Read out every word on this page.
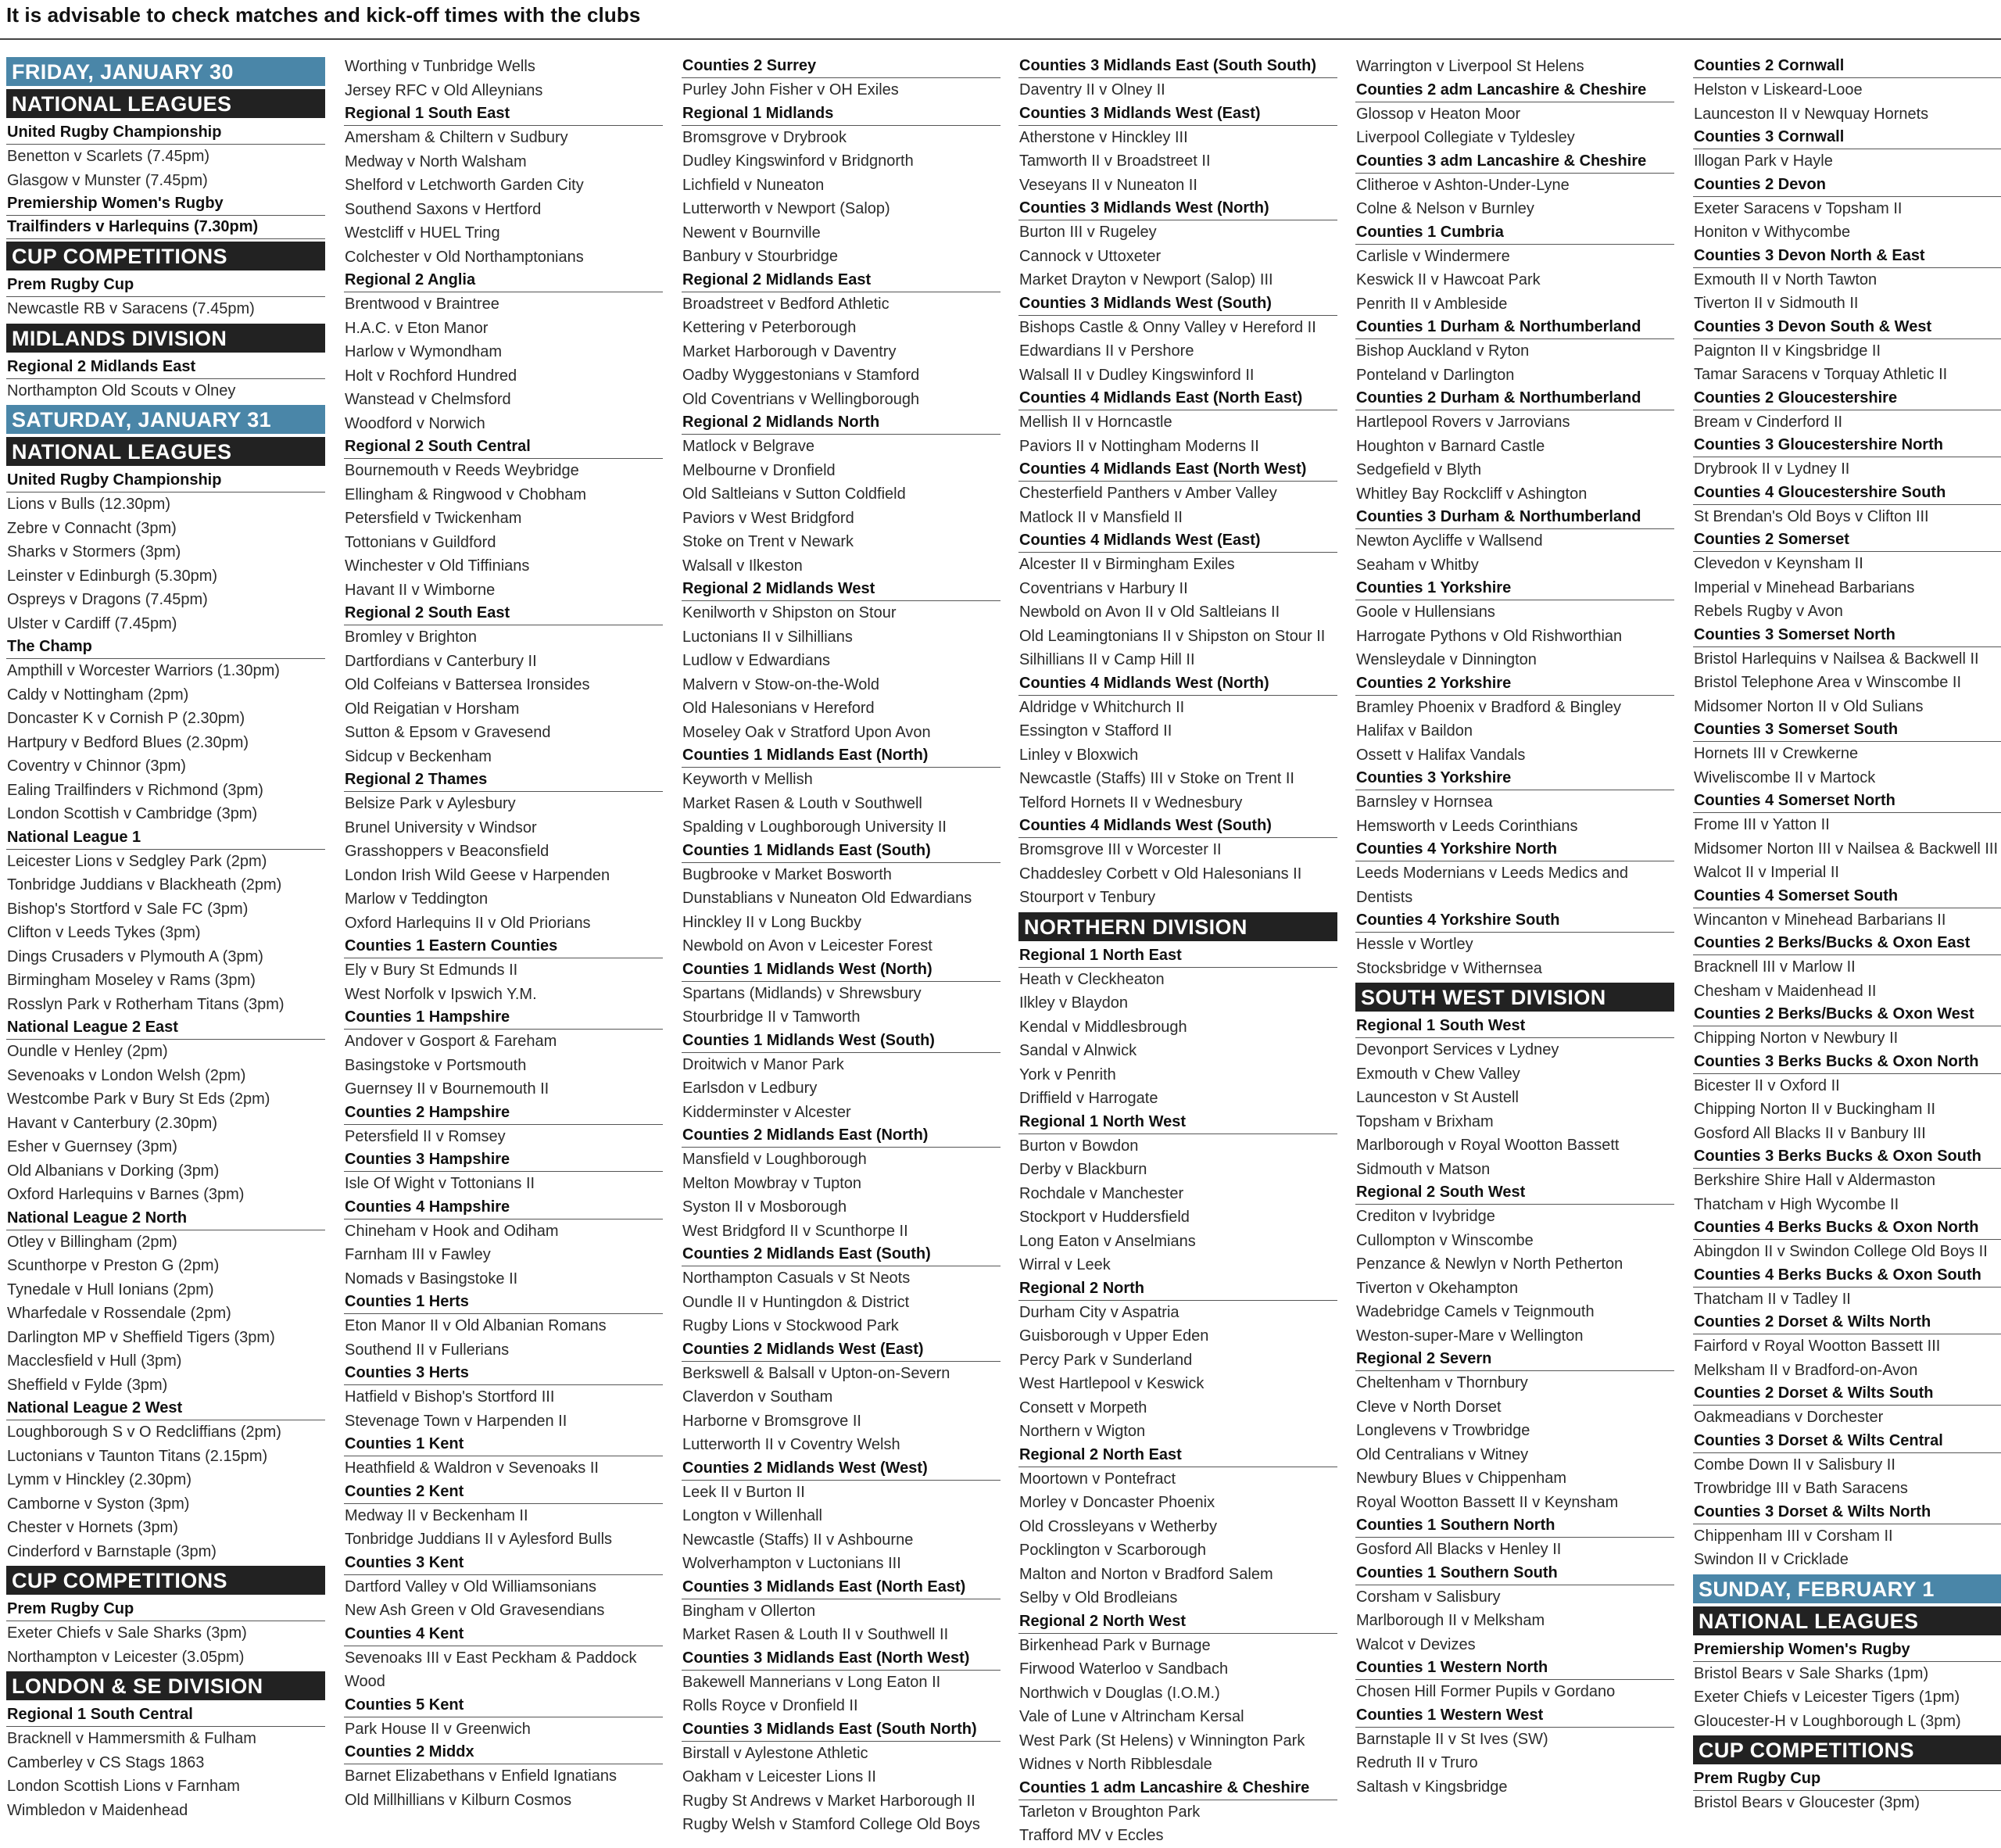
It is advisable to check matches and kick-off times with the clubs
FRIDAY, JANUARY 30
NATIONAL LEAGUES
United Rugby Championship
Benetton v Scarlets (7.45pm)
Glasgow v Munster (7.45pm)
Premiership Women's Rugby
Trailfinders v Harlequins (7.30pm)
CUP COMPETITIONS
Prem Rugby Cup
Newcastle RB v Saracens (7.45pm)
MIDLANDS DIVISION
Regional 2 Midlands East
Northampton Old Scouts v Olney
SATURDAY, JANUARY 31
NATIONAL LEAGUES
United Rugby Championship
Lions v Bulls (12.30pm)
Zebre v Connacht (3pm)
Sharks v Stormers (3pm)
Leinster v Edinburgh (5.30pm)
Ospreys v Dragons (7.45pm)
Ulster v Cardiff (7.45pm)
The Champ
Ampthill v Worcester Warriors (1.30pm)
Caldy v Nottingham (2pm)
Doncaster K v Cornish P (2.30pm)
Hartpury v Bedford Blues (2.30pm)
Coventry v Chinnor (3pm)
Ealing Trailfinders v Richmond (3pm)
London Scottish v Cambridge (3pm)
National League 1
Leicester Lions v Sedgley Park (2pm)
Tonbridge Juddians v Blackheath (2pm)
Bishop's Stortford v Sale FC (3pm)
Clifton v Leeds Tykes (3pm)
Dings Crusaders v Plymouth A (3pm)
Birmingham Moseley v Rams (3pm)
Rosslyn Park v Rotherham Titans (3pm)
National League 2 East
Oundle v Henley (2pm)
Sevenoaks v London Welsh (2pm)
Westcombe Park v Bury St Eds (2pm)
Havant v Canterbury (2.30pm)
Esher v Guernsey (3pm)
Old Albanians v Dorking (3pm)
Oxford Harlequins v Barnes (3pm)
National League 2 North
Otley v Billingham (2pm)
Scunthorpe v Preston G (2pm)
Tynedale v Hull Ionians (2pm)
Wharfedale v Rossendale (2pm)
Darlington MP v Sheffield Tigers (3pm)
Macclesfield v Hull (3pm)
Sheffield v Fylde (3pm)
National League 2 West
Loughborough S v O Redcliffians (2pm)
Luctonians v Taunton Titans (2.15pm)
Lymm v Hinckley (2.30pm)
Camborne v Syston (3pm)
Chester v Hornets (3pm)
Cinderford v Barnstaple (3pm)
CUP COMPETITIONS
Prem Rugby Cup
Exeter Chiefs v Sale Sharks (3pm)
Northampton v Leicester (3.05pm)
LONDON & SE DIVISION
Regional 1 South Central
Bracknell v Hammersmith & Fulham
Camberley v CS Stags 1863
London Scottish Lions v Farnham
Wimbledon v Maidenhead
Worthing v Tunbridge Wells
Jersey RFC v Old Alleynians
Regional 1 South East
Amersham & Chiltern v Sudbury
Medway v North Walsham
Shelford v Letchworth Garden City
Southend Saxons v Hertford
Westcliff v HUEL Tring
Colchester v Old Northamptonians
Regional 2 Anglia
Brentwood v Braintree
H.A.C. v Eton Manor
Harlow v Wymondham
Holt v Rochford Hundred
Wanstead v Chelmsford
Woodford v Norwich
Regional 2 South Central
Bournemouth v Reeds Weybridge
Ellingham & Ringwood v Chobham
Petersfield v Twickenham
Tottonians v Guildford
Winchester v Old Tiffinians
Havant II v Wimborne
Regional 2 South East
Bromley v Brighton
Dartfordians v Canterbury II
Old Colfeians v Battersea Ironsides
Old Reigatian v Horsham
Sutton & Epsom v Gravesend
Sidcup v Beckenham
Regional 2 Thames
Belsize Park v Aylesbury
Brunel University v Windsor
Grasshoppers v Beaconsfield
London Irish Wild Geese v Harpenden
Marlow v Teddington
Oxford Harlequins II v Old Priorians
Counties 1 Eastern Counties
Ely v Bury St Edmunds II
West Norfolk v Ipswich Y.M.
Counties 1 Hampshire
Andover v Gosport & Fareham
Basingstoke v Portsmouth
Guernsey II v Bournemouth II
Counties 2 Hampshire
Petersfield II v Romsey
Counties 3 Hampshire
Isle Of Wight v Tottonians II
Counties 4 Hampshire
Chineham v Hook and Odiham
Farnham III v Fawley
Nomads v Basingstoke II
Counties 1 Herts
Eton Manor II v Old Albanian Romans
Southend II v Fullerians
Counties 3 Herts
Hatfield v Bishop's Stortford III
Stevenage Town v Harpenden II
Counties 1 Kent
Heathfield & Waldron v Sevenoaks II
Counties 2 Kent
Medway II v Beckenham II
Tonbridge Juddians II v Aylesford Bulls
Counties 3 Kent
Dartford Valley v Old Williamsonians
New Ash Green v Old Gravesendians
Counties 4 Kent
Sevenoaks III v East Peckham & Paddock
Wood
Counties 5 Kent
Park House II v Greenwich
Counties 2 Middx
Barnet Elizabethans v Enfield Ignatians
Old Millhillians v Kilburn Cosmos
Counties 2 Surrey
Purley John Fisher v OH Exiles
Regional 1 Midlands
Bromsgrove v Drybrook
Dudley Kingswinford v Bridgnorth
Lichfield v Nuneaton
Lutterworth v Newport (Salop)
Newent v Bournville
Banbury v Stourbridge
Regional 2 Midlands East
Broadstreet v Bedford Athletic
Kettering v Peterborough
Market Harborough v Daventry
Oadby Wyggestonians v Stamford
Old Coventrians v Wellingborough
Regional 2 Midlands North
Matlock v Belgrave
Melbourne v Dronfield
Old Saltleians v Sutton Coldfield
Paviors v West Bridgford
Stoke on Trent v Newark
Walsall v Ilkeston
Regional 2 Midlands West
Kenilworth v Shipston on Stour
Luctonians II v Silhillians
Ludlow v Edwardians
Malvern v Stow-on-the-Wold
Old Halesonians v Hereford
Moseley Oak v Stratford Upon Avon
Counties 1 Midlands East (North)
Keyworth v Mellish
Market Rasen & Louth v Southwell
Spalding v Loughborough University II
Counties 1 Midlands East (South)
Bugbrooke v Market Bosworth
Dunstablians v Nuneaton Old Edwardians
Hinckley II v Long Buckby
Newbold on Avon v Leicester Forest
Counties 1 Midlands West (North)
Spartans (Midlands) v Shrewsbury
Stourbridge II v Tamworth
Counties 1 Midlands West (South)
Droitwich v Manor Park
Earlsdon v Ledbury
Kidderminster v Alcester
Counties 2 Midlands East (North)
Mansfield v Loughborough
Melton Mowbray v Tupton
Syston II v Mosborough
West Bridgford II v Scunthorpe II
Counties 2 Midlands East (South)
Northampton Casuals v St Neots
Oundle II v Huntingdon & District
Rugby Lions v Stockwood Park
Counties 2 Midlands West (East)
Berkswell & Balsall v Upton-on-Severn
Claverdon v Southam
Harborne v Bromsgrove II
Lutterworth II v Coventry Welsh
Counties 2 Midlands West (West)
Leek II v Burton II
Longton v Willenhall
Newcastle (Staffs) II v Ashbourne
Wolverhampton v Luctonians III
Counties 3 Midlands East (North East)
Bingham v Ollerton
Market Rasen & Louth II v Southwell II
Counties 3 Midlands East (North West)
Bakewell Mannerians v Long Eaton II
Rolls Royce v Dronfield II
Counties 3 Midlands East (South North)
Birstall v Aylestone Athletic
Oakham v Leicester Lions II
Rugby St Andrews v Market Harborough II
Rugby Welsh v Stamford College Old Boys
Counties 3 Midlands East (South South)
Daventry II v Olney II
Counties 3 Midlands West (East)
Atherstone v Hinckley III
Tamworth II v Broadstreet II
Veseyans II v Nuneaton II
Counties 3 Midlands West (North)
Burton III v Rugeley
Cannock v Uttoxeter
Market Drayton v Newport (Salop) III
Counties 3 Midlands West (South)
Bishops Castle & Onny Valley v Hereford II
Edwardians II v Pershore
Walsall II v Dudley Kingswinford II
Counties 4 Midlands East (North East)
Mellish II v Horncastle
Paviors II v Nottingham Moderns II
Counties 4 Midlands East (North West)
Chesterfield Panthers v Amber Valley
Matlock II v Mansfield II
Counties 4 Midlands West (East)
Alcester II v Birmingham Exiles
Coventrians v Harbury II
Newbold on Avon II v Old Saltleians II
Old Leamingtonians II v Shipston on Stour II
Silhillians II v Camp Hill II
Counties 4 Midlands West (North)
Aldridge v Whitchurch II
Essington v Stafford II
Linley v Bloxwich
Newcastle (Staffs) III v Stoke on Trent II
Telford Hornets II v Wednesbury
Counties 4 Midlands West (South)
Bromsgrove III v Worcester II
Chaddesley Corbett v Old Halesonians II
Stourport v Tenbury
NORTHERN DIVISION
Regional 1 North East
Heath v Cleckheaton
Ilkley v Blaydon
Kendal v Middlesbrough
Sandal v Alnwick
York v Penrith
Driffield v Harrogate
Regional 1 North West
Burton v Bowdon
Derby v Blackburn
Rochdale v Manchester
Stockport v Huddersfield
Long Eaton v Anselmians
Wirral v Leek
Regional 2 North
Durham City v Aspatria
Guisborough v Upper Eden
Percy Park v Sunderland
West Hartlepool v Keswick
Consett v Morpeth
Northern v Wigton
Regional 2 North East
Moortown v Pontefract
Morley v Doncaster Phoenix
Old Crossleyans v Wetherby
Pocklington v Scarborough
Malton and Norton v Bradford Salem
Selby v Old Brodleians
Regional 2 North West
Birkenhead Park v Burnage
Firwood Waterloo v Sandbach
Northwich v Douglas (I.O.M.)
Vale of Lune v Altrincham Kersal
West Park (St Helens) v Winnington Park
Widnes v North Ribblesdale
Counties 1 adm Lancashire & Cheshire
Tarleton v Broughton Park
Trafford MV v Eccles
Warrington v Liverpool St Helens
Counties 2 adm Lancashire & Cheshire
Glossop v Heaton Moor
Liverpool Collegiate v Tyldesley
Counties 3 adm Lancashire & Cheshire
Clitheroe v Ashton-Under-Lyne
Colne & Nelson v Burnley
Counties 1 Cumbria
Carlisle v Windermere
Keswick II v Hawcoat Park
Penrith II v Ambleside
Counties 1 Durham & Northumberland
Bishop Auckland v Ryton
Ponteland v Darlington
Counties 2 Durham & Northumberland
Hartlepool Rovers v Jarrovians
Houghton v Barnard Castle
Sedgefield v Blyth
Whitley Bay Rockcliff v Ashington
Counties 3 Durham & Northumberland
Newton Aycliffe v Wallsend
Seaham v Whitby
Counties 1 Yorkshire
Goole v Hullensians
Harrogate Pythons v Old Rishworthian
Wensleydale v Dinnington
Counties 2 Yorkshire
Bramley Phoenix v Bradford & Bingley
Halifax v Baildon
Ossett v Halifax Vandals
Counties 3 Yorkshire
Barnsley v Hornsea
Hemsworth v Leeds Corinthians
Counties 4 Yorkshire North
Leeds Modernians v Leeds Medics and
Dentists
Counties 4 Yorkshire South
Hessle v Wortley
Stocksbridge v Withernsea
SOUTH WEST DIVISION
Regional 1 South West
Devonport Services v Lydney
Exmouth v Chew Valley
Launceston v St Austell
Topsham v Brixham
Marlborough v Royal Wootton Bassett
Sidmouth v Matson
Regional 2 South West
Crediton v Ivybridge
Cullompton v Winscombe
Penzance & Newlyn v North Petherton
Tiverton v Okehampton
Wadebridge Camels v Teignmouth
Weston-super-Mare v Wellington
Regional 2 Severn
Cheltenham v Thornbury
Cleve v North Dorset
Longlevens v Trowbridge
Old Centralians v Witney
Newbury Blues v Chippenham
Royal Wootton Bassett II v Keynsham
Counties 1 Southern North
Gosford All Blacks v Henley II
Counties 1 Southern South
Corsham v Salisbury
Marlborough II v Melksham
Walcot v Devizes
Counties 1 Western North
Chosen Hill Former Pupils v Gordano
Counties 1 Western West
Barnstaple II v St Ives (SW)
Redruth II v Truro
Saltash v Kingsbridge
Counties 2 Cornwall
Helston v Liskeard-Looe
Launceston II v Newquay Hornets
Counties 3 Cornwall
Illogan Park v Hayle
Counties 2 Devon
Exeter Saracens v Topsham II
Honiton v Withycombe
Counties 3 Devon North & East
Exmouth II v North Tawton
Tiverton II v Sidmouth II
Counties 3 Devon South & West
Paignton II v Kingsbridge II
Tamar Saracens v Torquay Athletic II
Counties 2 Gloucestershire
Bream v Cinderford II
Counties 3 Gloucestershire North
Drybrook II v Lydney II
Counties 4 Gloucestershire South
St Brendan's Old Boys v Clifton III
Counties 2 Somerset
Clevedon v Keynsham II
Imperial v Minehead Barbarians
Rebels Rugby v Avon
Counties 3 Somerset North
Bristol Harlequins v Nailsea & Backwell II
Bristol Telephone Area v Winscombe II
Midsomer Norton II v Old Sulians
Counties 3 Somerset South
Hornets III v Crewkerne
Wiveliscombe II v Martock
Counties 4 Somerset North
Frome III v Yatton II
Midsomer Norton III v Nailsea & Backwell III
Walcot II v Imperial II
Counties 4 Somerset South
Wincanton v Minehead Barbarians II
Counties 2 Berks/Bucks & Oxon East
Bracknell III v Marlow II
Chesham v Maidenhead II
Counties 2 Berks/Bucks & Oxon West
Chipping Norton v Newbury II
Counties 3 Berks Bucks & Oxon North
Bicester II v Oxford II
Chipping Norton II v Buckingham II
Gosford All Blacks II v Banbury III
Counties 3 Berks Bucks & Oxon South
Berkshire Shire Hall v Aldermaston
Thatcham v High Wycombe II
Counties 4 Berks Bucks & Oxon North
Abingdon II v Swindon College Old Boys II
Counties 4 Berks Bucks & Oxon South
Thatcham II v Tadley II
Counties 2 Dorset & Wilts North
Fairford v Royal Wootton Bassett III
Melksham II v Bradford-on-Avon
Counties 2 Dorset & Wilts South
Oakmeadians v Dorchester
Counties 3 Dorset & Wilts Central
Combe Down II v Salisbury II
Trowbridge III v Bath Saracens
Counties 3 Dorset & Wilts North
Chippenham III v Corsham II
Swindon II v Cricklade
SUNDAY, FEBRUARY 1
NATIONAL LEAGUES
Premiership Women's Rugby
Bristol Bears v Sale Sharks (1pm)
Exeter Chiefs v Leicester Tigers (1pm)
Gloucester-H v Loughborough L (3pm)
CUP COMPETITIONS
Prem Rugby Cup
Bristol Bears v Gloucester (3pm)
